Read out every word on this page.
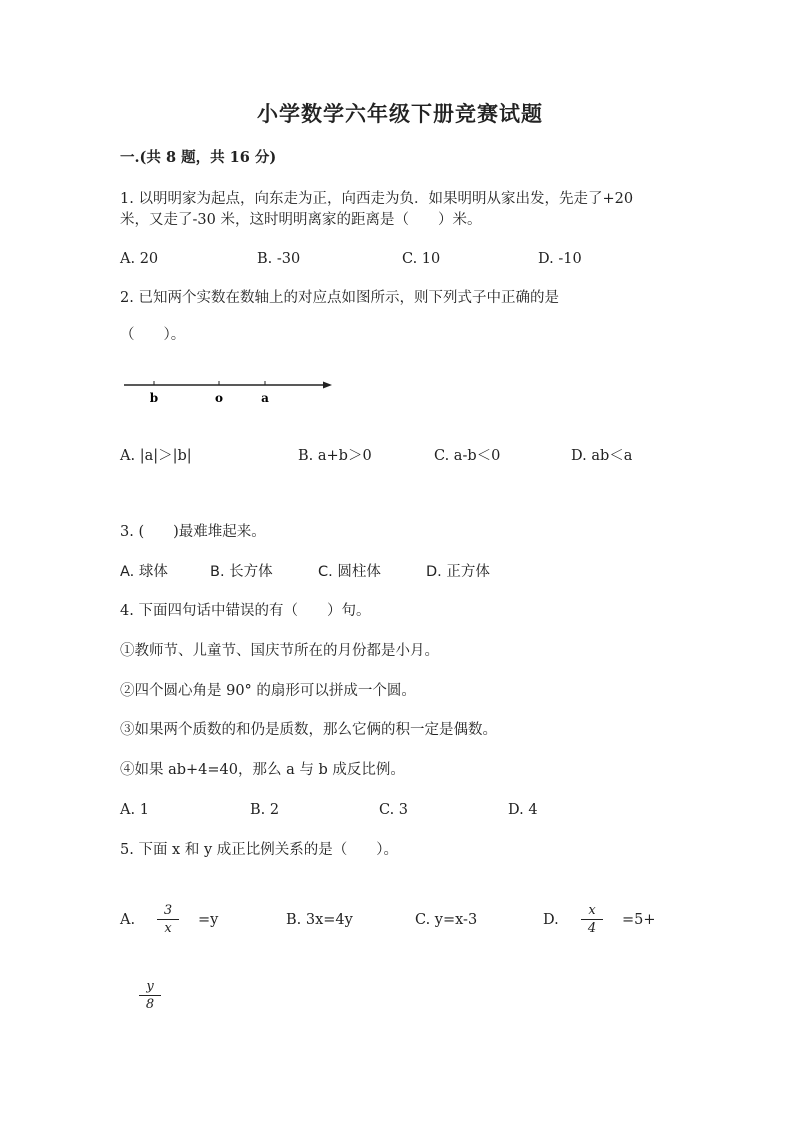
小学数学六年级下册竞赛试题
一.(共 8 题，共 16 分)
1. 以明明家为起点，向东走为正，向西走为负．如果明明从家出发，先走了+20
米，又走了-30 米，这时明明离家的距离是（　　）米。
A. 20	B. -30	C. 10	D. -10
2. 已知两个实数在数轴上的对应点如图所示，则下列式子中正确的是
（　　）。
b	o	a
A. |a|＞|b|	B. a+b＞0	C. a-b＜0	D. ab＜a
3. (　　)最难堆起来。
A. 球体	B. 长方体	C. 圆柱体	D. 正方体
4. 下面四句话中错误的有（　　）句。
①教师节、儿童节、国庆节所在的月份都是小月。
②四个圆心角是 90° 的扇形可以拼成一个圆。
③如果两个质数的和仍是质数，那么它俩的积一定是偶数。
④如果 ab+4=40，那么 a 与 b 成反比例。
A. 1	B. 2	C. 3	D. 4
5. 下面 x 和 y 成正比例关系的是（　　）。
A.
3
x
=y	B. 3x=4y	C. y=x-3	D.
x
4
=5+
y
8
